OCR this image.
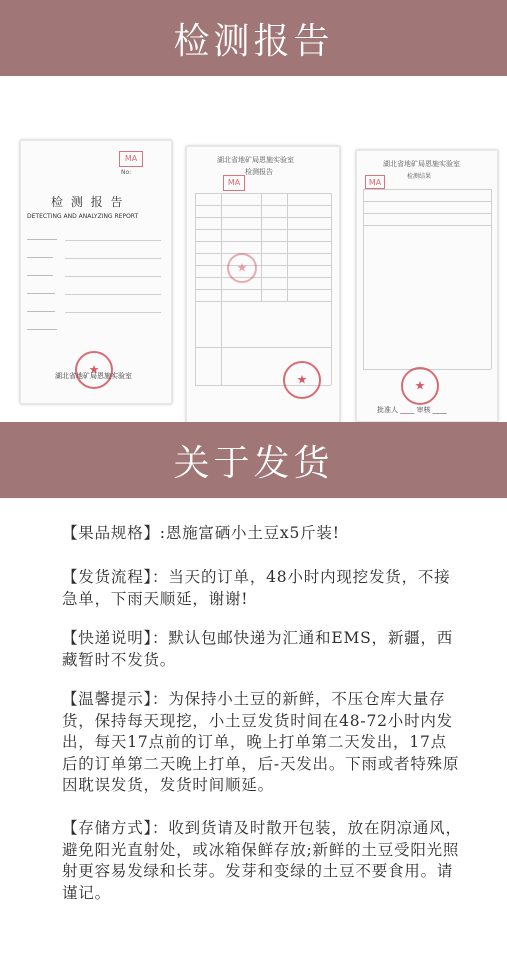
检测报告
MA
No:
检 测 报 告
DETECTING AND ANALYZING REPORT
★
湖北省地矿局恩施实验室
湖北省地矿局恩施实验室
检测报告
MA
★
★
湖北省地矿局恩施实验室
检测结果
MA
★
批准人 ____ 审核 ____
关于发货

【果品规格】:恩施富硒小土豆x5斤装!

【发货流程】：当天的订单，48小时内现挖发货，不接急单，下雨天顺延，谢谢!

【快递说明】：默认包邮快递为汇通和EMS，新疆，西藏暂时不发货。

【温馨提示】：为保持小土豆的新鲜，不压仓库大量存货，保持每天现挖，小土豆发货时间在48-72小时内发出，每天17点前的订单，晚上打单第二天发出，17点后的订单第二天晚上打单，后-天发出。下雨或者特殊原因耽误发货，发货时间顺延。

【存储方式】：收到货请及时散开包装，放在阴凉通风，避免阳光直射处，或冰箱保鲜存放;新鲜的土豆受阳光照射更容易发绿和长芽。发芽和变绿的土豆不要食用。请谨记。
